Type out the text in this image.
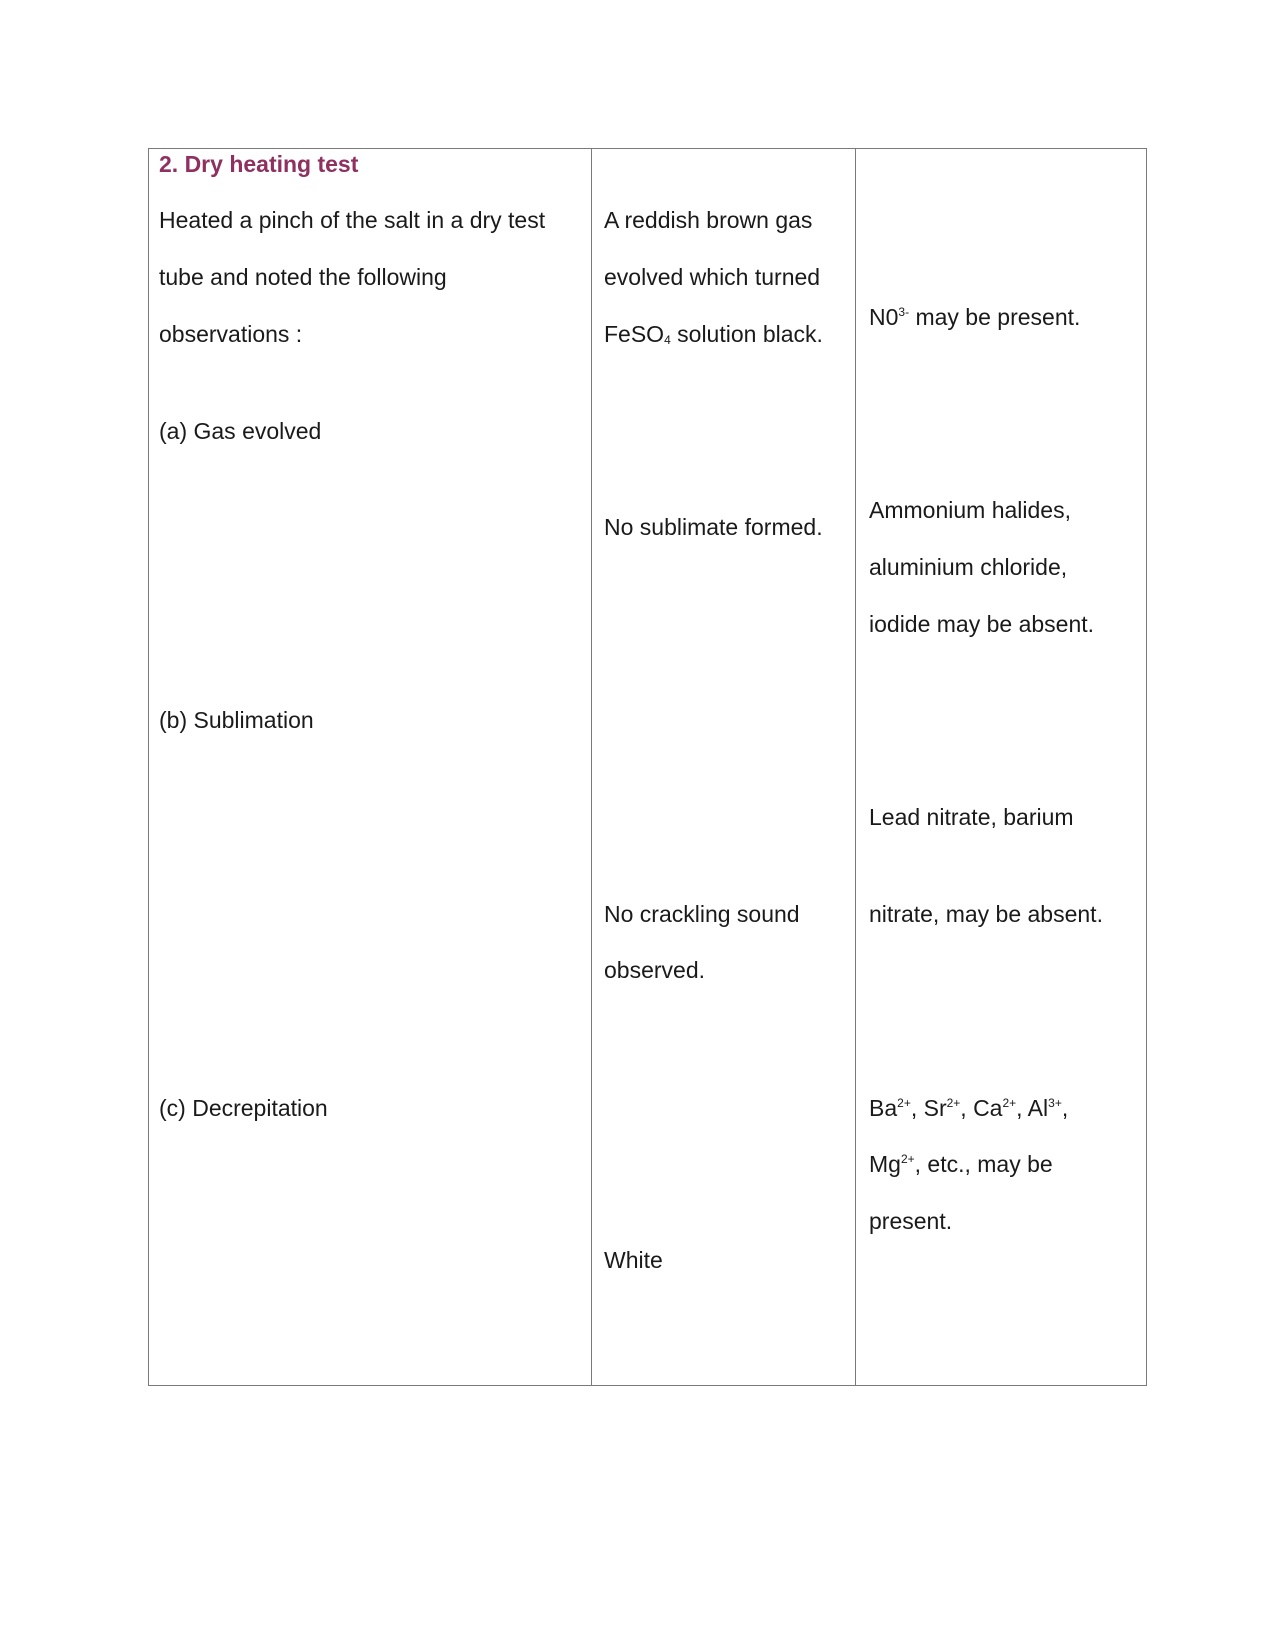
2. Dry heating test
Heated a pinch of the salt in a dry test
tube and noted the following
observations :
(a) Gas evolved
(b) Sublimation
(c) Decrepitation
A reddish brown gas
evolved which turned
FeSO$_4$ solution black.
No sublimate formed.
No crackling sound
observed.
White
$N0^{3-}$ may be present.
Ammonium halides,
aluminium chloride,
iodide may be absent.
Lead nitrate, barium
nitrate, may be absent.
$Ba^{2+}$, $Sr^{2+}$, $Ca^{2+}$, $Al^{3+}$,
$Mg^{2+}$, etc., may be
present.
